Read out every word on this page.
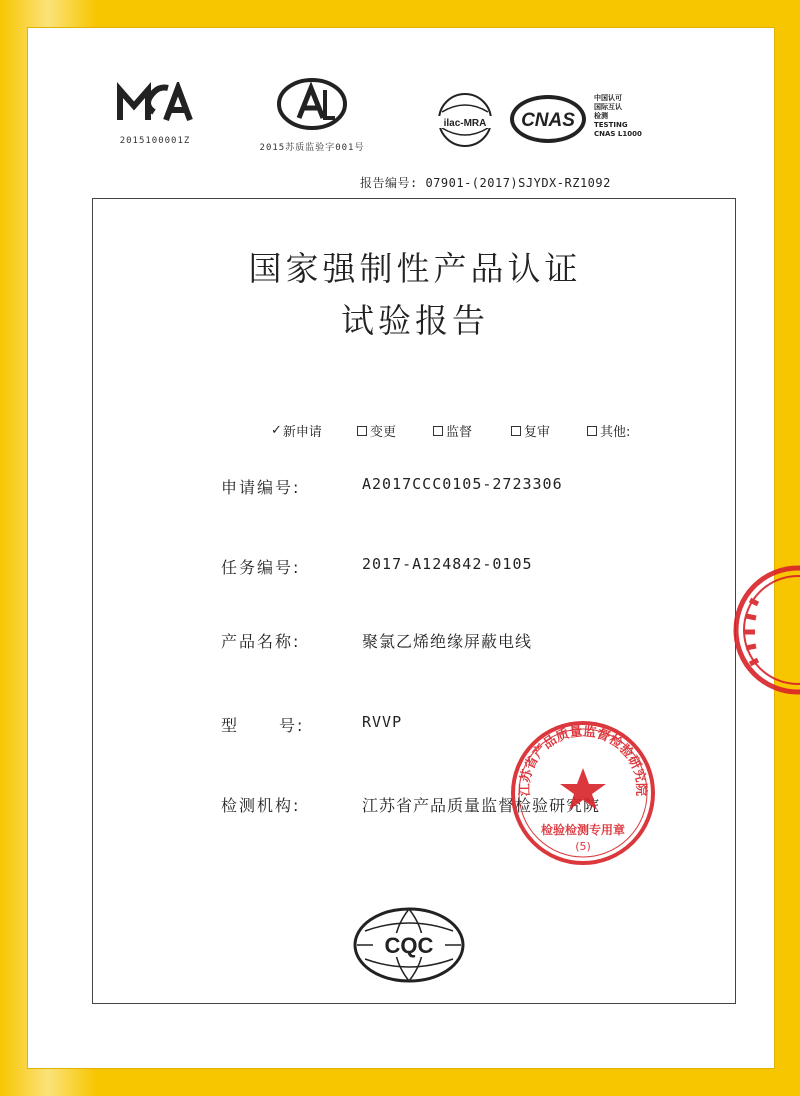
2015100001Z
2015苏质监验字001号
ilac-MRA CNAS
中国认可
国际互认
检测
TESTING
CNAS L1000
报告编号: 07901-(2017)SJYDX-RZ1092
国家强制性产品认证
试验报告
✓ 新申请	变更	监督	复审	其他:
申请编号:	A2017CCC0105-2723306
任务编号:	2017-A124842-0105
产品名称:	聚氯乙烯绝缘屏蔽电线
型 号:	RVVP
检测机构:	江苏省产品质量监督检验研究院
CQC
江苏省产品质量监督检验研究院
检验检测专用章
(5)
